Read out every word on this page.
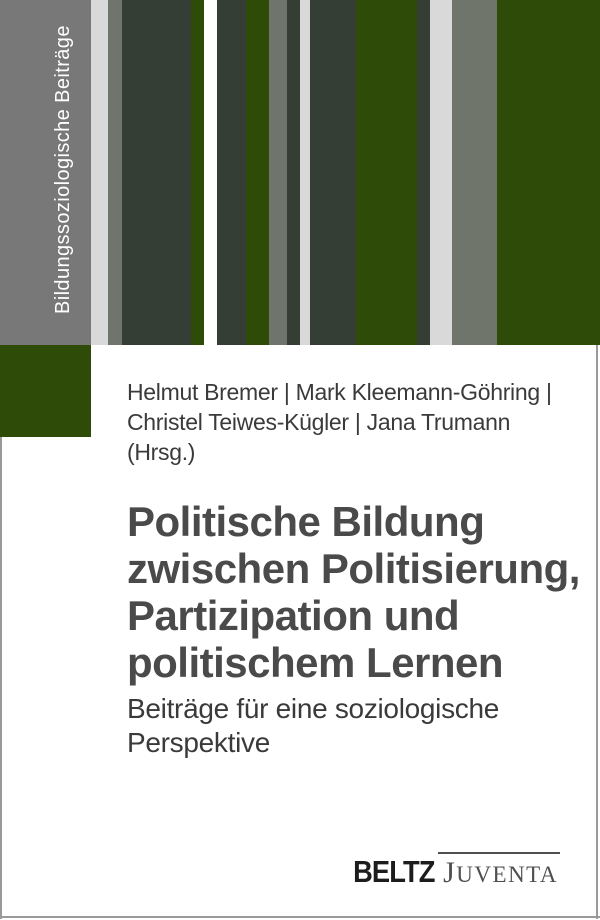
Bildungssoziologische Beiträge
Helmut Bremer | Mark Kleemann-Göhring |
Christel Teiwes-Kügler | Jana Trumann
(Hrsg.)
Politische Bildung
zwischen Politisierung,
Partizipation und
politischem Lernen
Beiträge für eine soziologische
Perspektive
BELTZ JUVENTA
